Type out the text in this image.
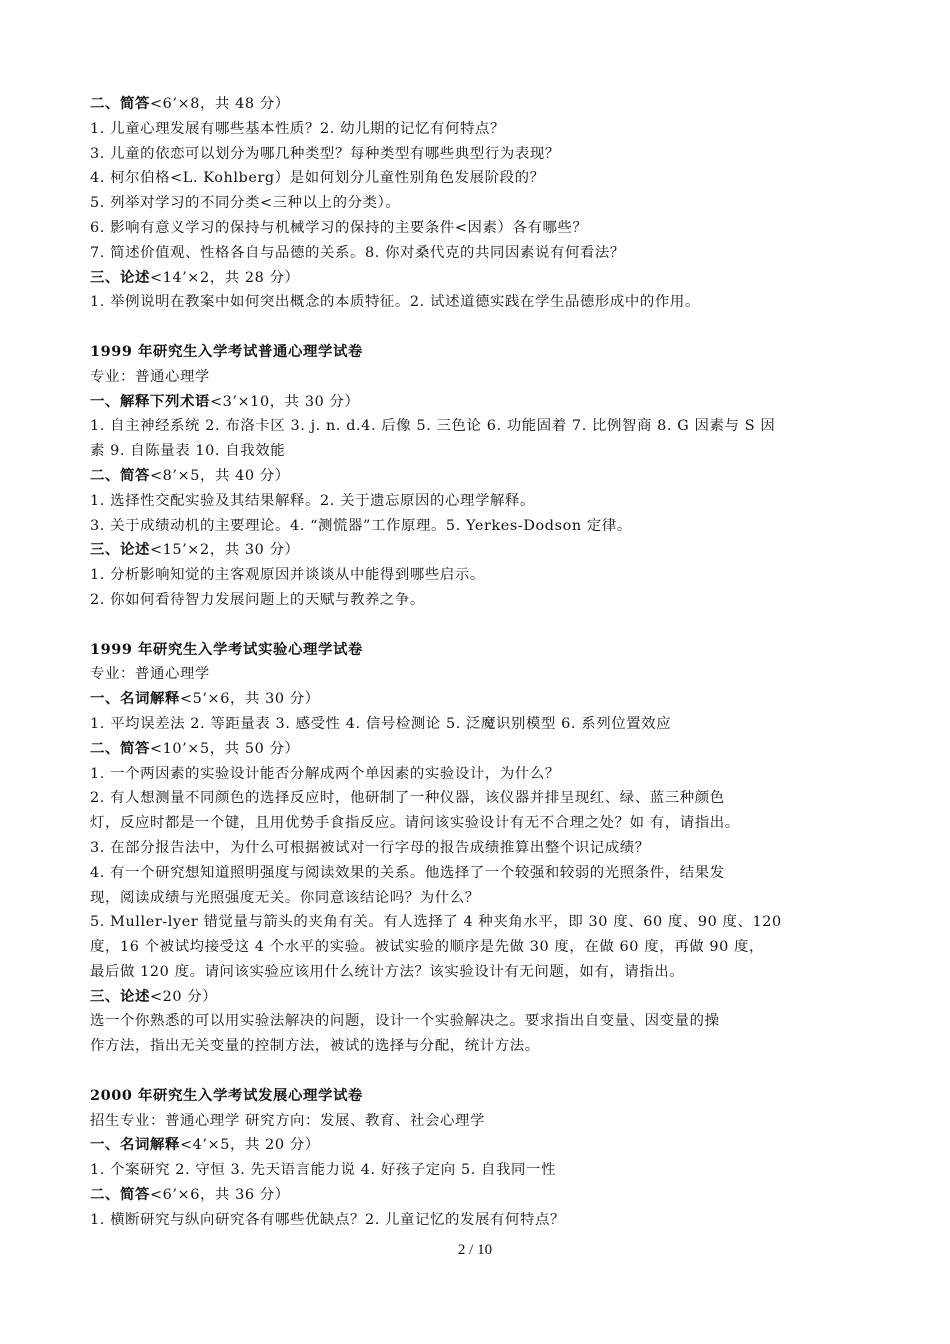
二、简答<6’×8，共 48 分）
1. 儿童心理发展有哪些基本性质？2. 幼儿期的记忆有何特点？
3. 儿童的依恋可以划分为哪几种类型？每种类型有哪些典型行为表现？
4. 柯尔伯格<L. Kohlberg）是如何划分儿童性别角色发展阶段的？
5. 列举对学习的不同分类<三种以上的分类）。
6. 影响有意义学习的保持与机械学习的保持的主要条件<因素）各有哪些？
7. 简述价值观、性格各自与品德的关系。8. 你对桑代克的共同因素说有何看法？
三、论述<14’×2，共 28 分）
1. 举例说明在教案中如何突出概念的本质特征。2. 试述道德实践在学生品德形成中的作用。
1999 年研究生入学考试普通心理学试卷
专业：普通心理学
一、解释下列术语<3’×10，共 30 分）
1. 自主神经系统 2. 布洛卡区 3. j. n. d.4. 后像 5. 三色论 6. 功能固着 7. 比例智商 8. G 因素与 S 因
素 9. 自陈量表 10. 自我效能
二、简答<8’×5，共 40 分）
1. 选择性交配实验及其结果解释。2. 关于遗忘原因的心理学解释。
3. 关于成绩动机的主要理论。4. “测慌器”工作原理。5. Yerkes-Dodson 定律。
三、论述<15’×2，共 30 分）
1. 分析影响知觉的主客观原因并谈谈从中能得到哪些启示。
2. 你如何看待智力发展问题上的天赋与教养之争。
1999 年研究生入学考试实验心理学试卷
专业：普通心理学
一、名词解释<5’×6，共 30 分）
1. 平均误差法 2. 等距量表 3. 感受性 4. 信号检测论 5. 泛魔识别模型 6. 系列位置效应
二、简答<10’×5，共 50 分）
1. 一个两因素的实验设计能否分解成两个单因素的实验设计，为什么？
2. 有人想测量不同颜色的选择反应时，他研制了一种仪器，该仪器并排呈现红、绿、蓝三种颜色
灯，反应时都是一个键，且用优势手食指反应。请问该实验设计有无不合理之处？如 有，请指出。
3. 在部分报告法中，为什么可根据被试对一行字母的报告成绩推算出整个识记成绩？
4. 有一个研究想知道照明强度与阅读效果的关系。他选择了一个较强和较弱的光照条件，结果发
现，阅读成绩与光照强度无关。你同意该结论吗？为什么？
5. Muller-lyer 错觉量与箭头的夹角有关。有人选择了 4 种夹角水平，即 30 度、60 度、90 度、120
度，16 个被试均接受这 4 个水平的实验。被试实验的顺序是先做 30 度，在做 60 度，再做 90 度，
最后做 120 度。请问该实验应该用什么统计方法？该实验设计有无问题，如有，请指出。
三、论述<20 分）
选一个你熟悉的可以用实验法解决的问题，设计一个实验解决之。要求指出自变量、因变量的操
作方法，指出无关变量的控制方法，被试的选择与分配，统计方法。
2000 年研究生入学考试发展心理学试卷
招生专业：普通心理学 研究方向：发展、教育、社会心理学
一、名词解释<4’×5，共 20 分）
1. 个案研究 2. 守恒 3. 先天语言能力说 4. 好孩子定向 5. 自我同一性
二、简答<6’×6，共 36 分）
1. 横断研究与纵向研究各有哪些优缺点？2. 儿童记忆的发展有何特点？
2 / 10
